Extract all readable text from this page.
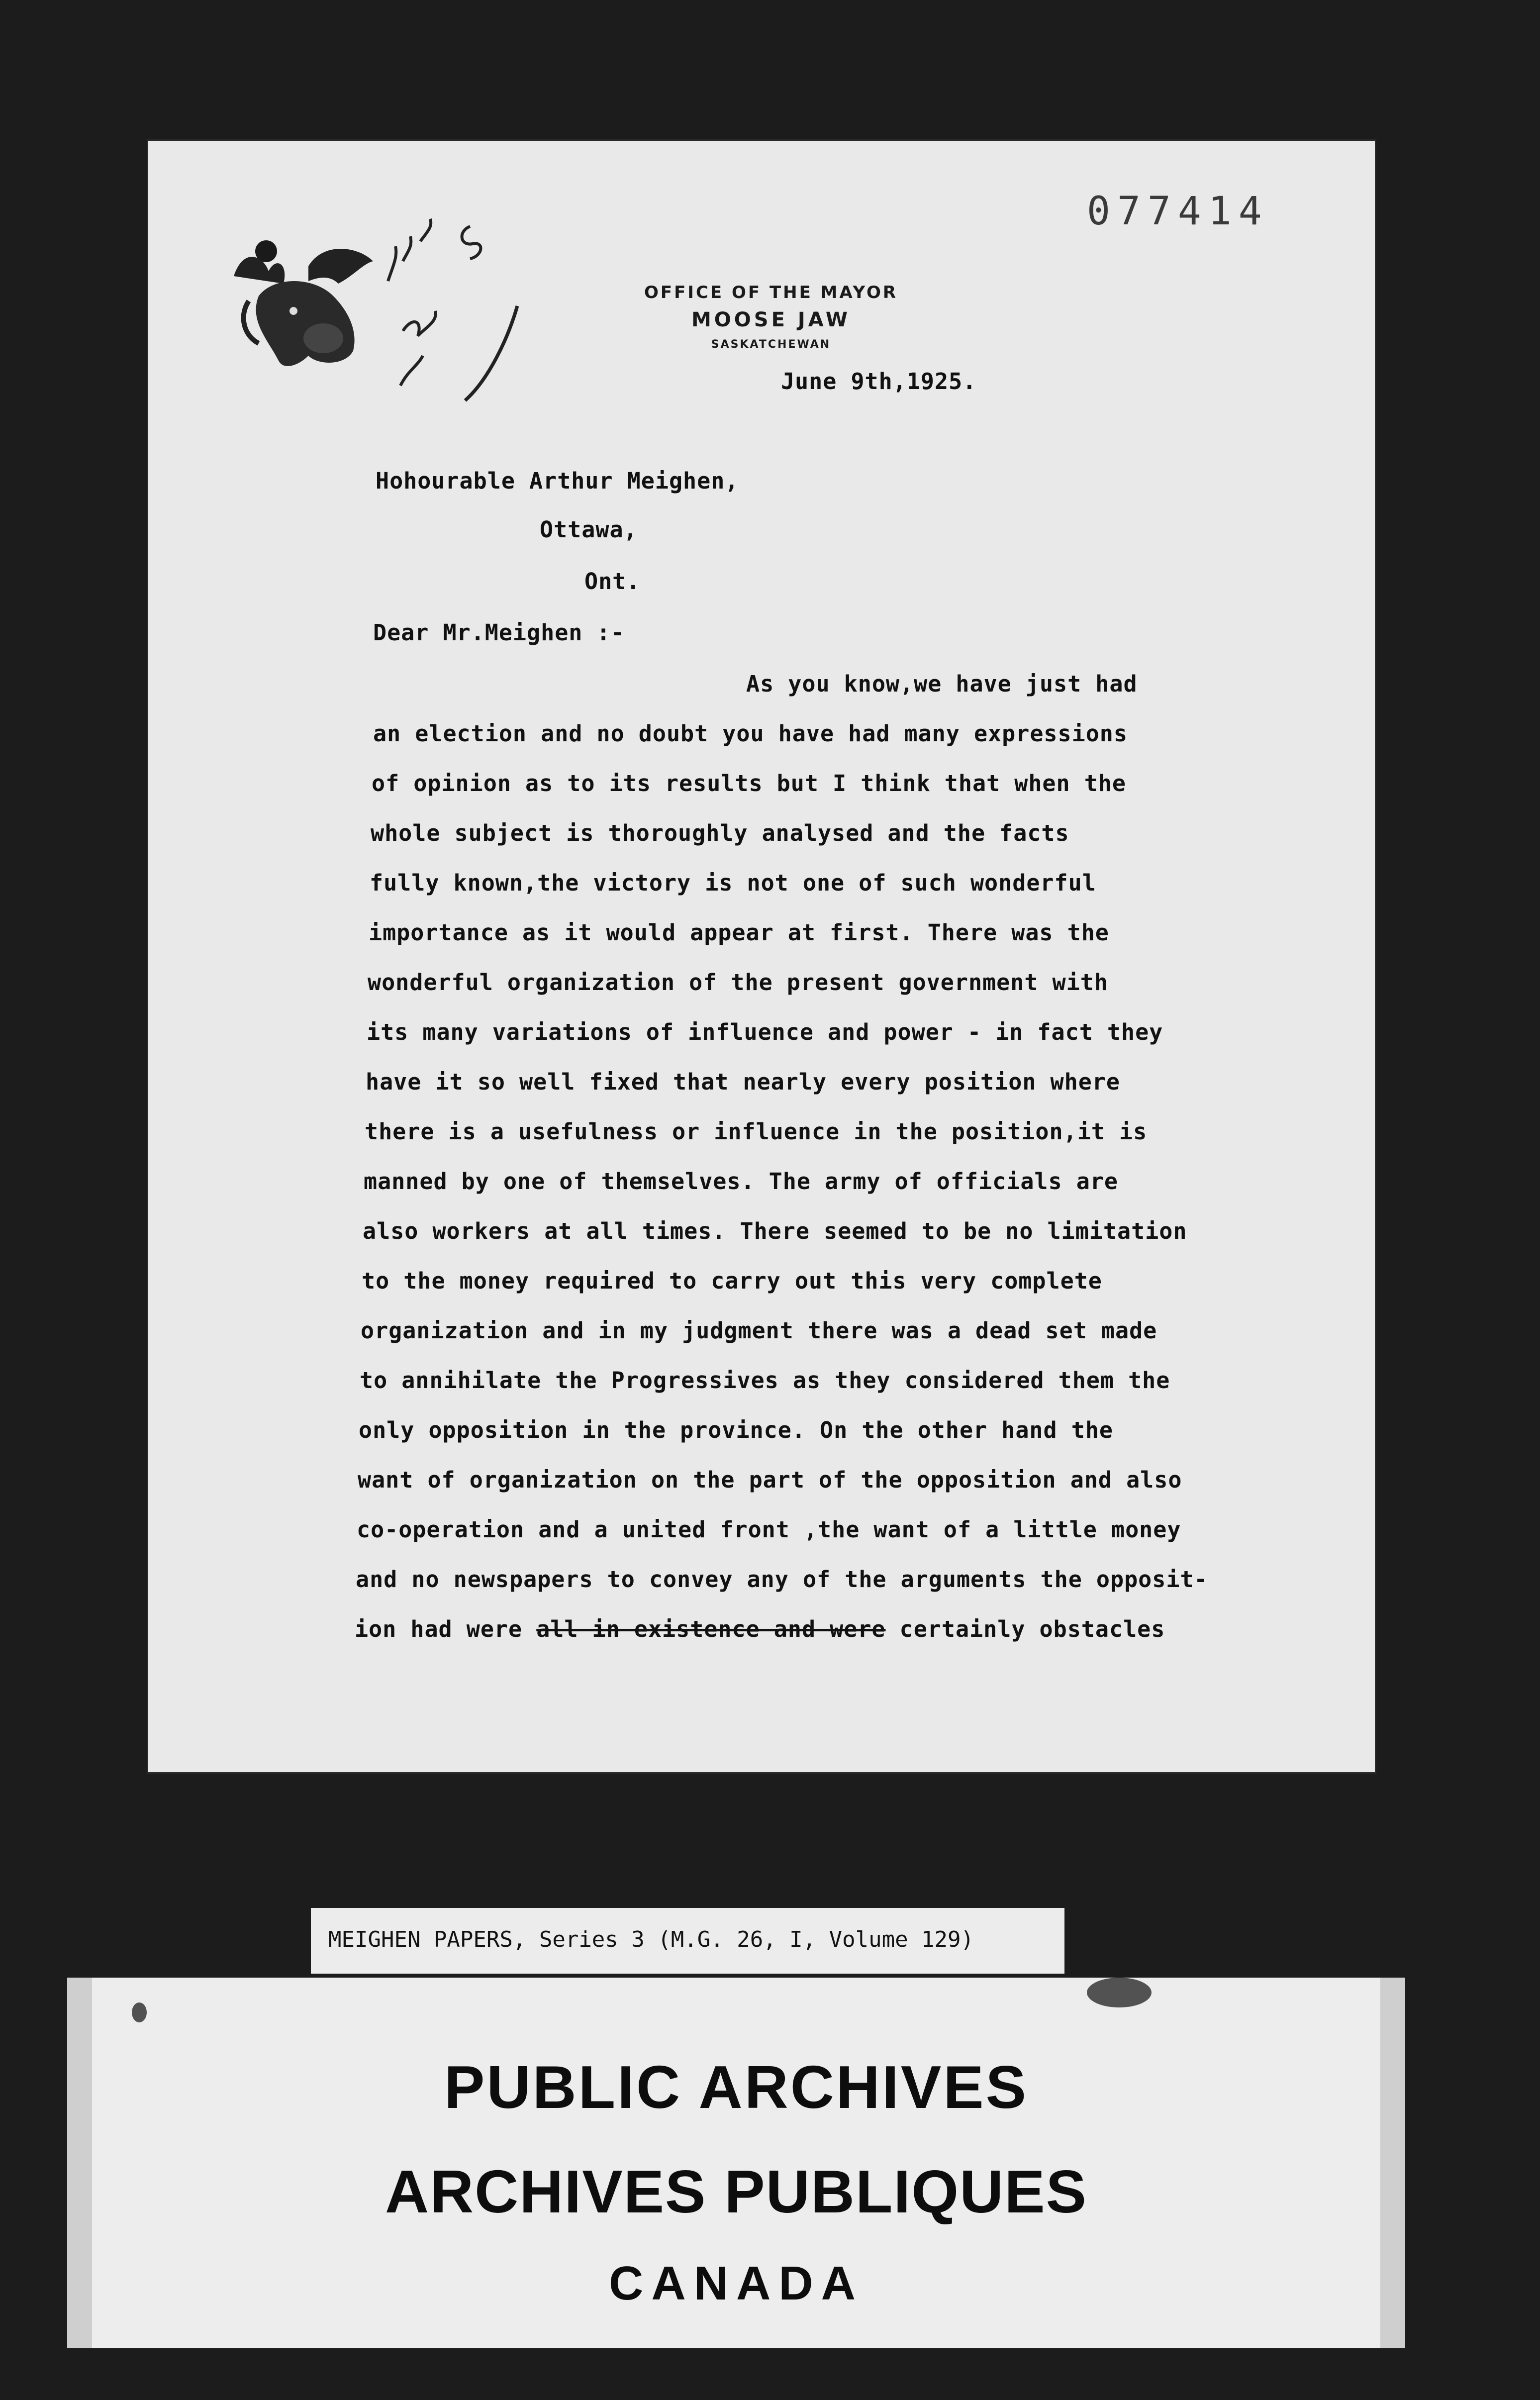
077414
OFFICE OF THE MAYOR
MOOSE JAW
SASKATCHEWAN
June 9th,1925.
Hohourable Arthur Meighen,
Ottawa,
Ont.
Dear Mr.Meighen :-
As you know,we have just had
an election and no doubt you have had many expressions
of opinion as to its results but I think that when the
whole subject is thoroughly analysed and the facts
fully known,the victory is not one of such wonderful
importance as it would appear at first. There was the
wonderful organization of the present government with
its many variations of influence and power - in fact they
have it so well fixed that nearly every position where
there is a usefulness or influence in the position,it is
manned by one of themselves. The army of officials are
also workers at all times. There seemed to be no limitation
to the money required to carry out this very complete
organization and in my judgment there was a dead set made
to annihilate the Progressives as they considered them the
only opposition in the province. On the other hand the
want of organization on the part of the opposition and also
co-operation and a united front ,the want of a little money
and no newspapers to convey any of the arguments the opposit-
ion had were all in existence and were certainly obstacles
MEIGHEN PAPERS, Series 3 (M.G. 26, I, Volume 129)
PUBLIC ARCHIVES
ARCHIVES PUBLIQUES
CANADA
